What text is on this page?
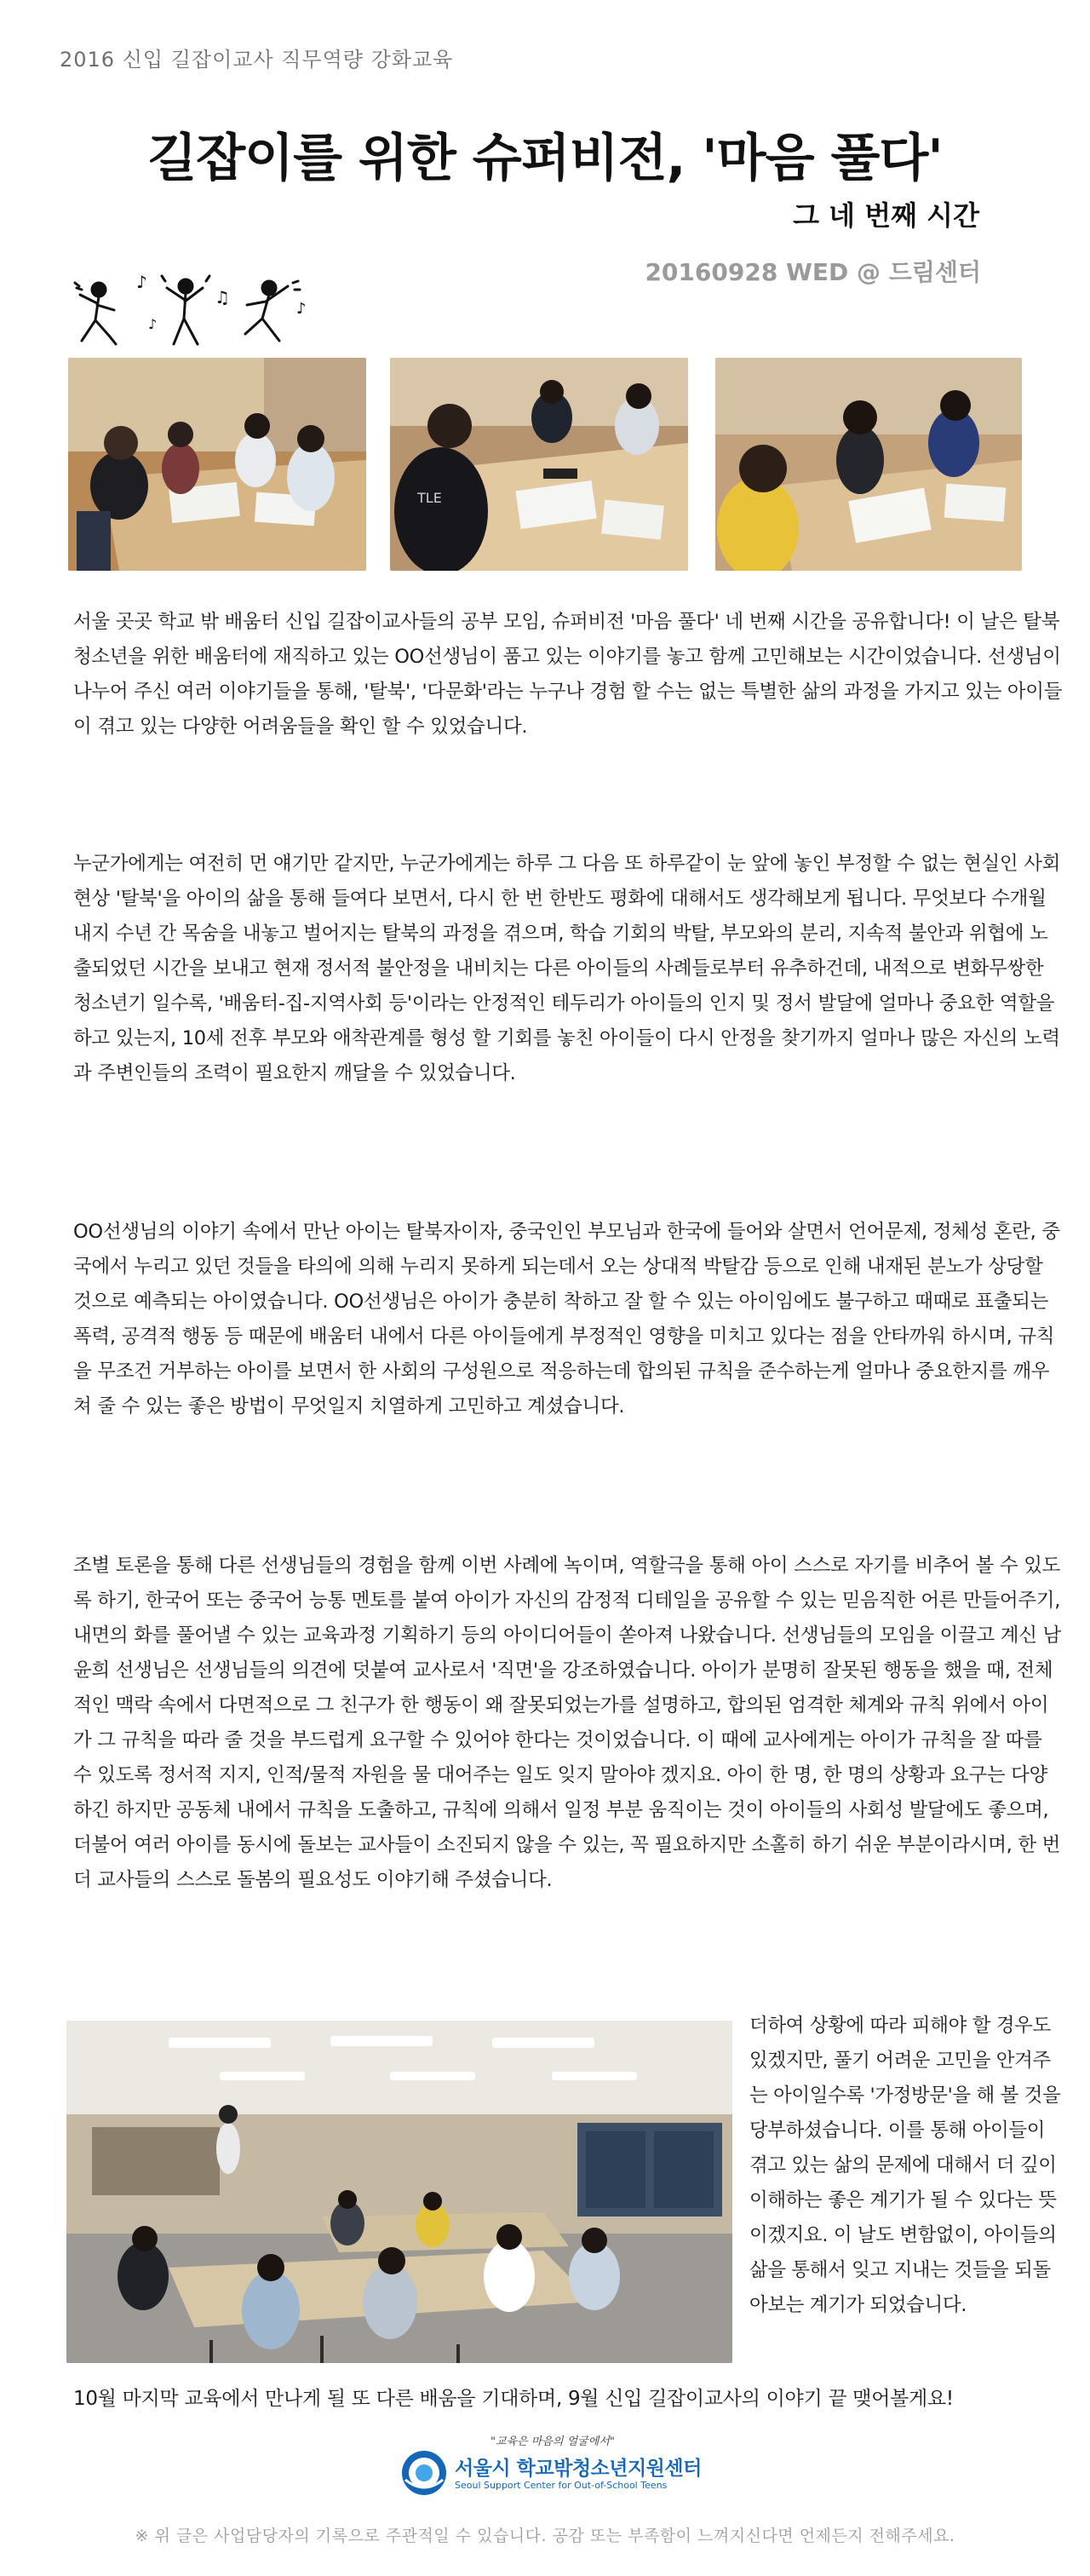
2016 신입 길잡이교사 직무역량 강화교육
길잡이를 위한 슈퍼비전, '마음 풀다'
그 네 번째 시간
20160928 WED @ 드림센터
♪
♫
♪
♪
TLE

서울 곳곳 학교 밖 배움터 신입 길잡이교사들의 공부 모임, 슈퍼비전 '마음 풀다' 네 번째 시간을 공유합니다! 이 날은 탈북 청소년을 위한 배움터에 재직하고 있는 OO선생님이 품고 있는 이야기를 놓고 함께 고민해보는 시간이었습니다. 선생님이 나누어 주신 여러 이야기들을 통해, '탈북', '다문화'라는 누구나 경험 할 수는 없는 특별한 삶의 과정을 가지고 있는 아이들이 겪고 있는 다양한 어려움들을 확인 할 수 있었습니다.

누군가에게는 여전히 먼 얘기만 같지만, 누군가에게는 하루 그 다음 또 하루같이 눈 앞에 놓인 부정할 수 없는 현실인 사회현상 '탈북'을 아이의 삶을 통해 들여다 보면서, 다시 한 번 한반도 평화에 대해서도 생각해보게 됩니다. 무엇보다 수개월 내지 수년 간 목숨을 내놓고 벌어지는 탈북의 과정을 겪으며, 학습 기회의 박탈, 부모와의 분리, 지속적 불안과 위협에 노출되었던 시간을 보내고 현재 정서적 불안정을 내비치는 다른 아이들의 사례들로부터 유추하건데, 내적으로 변화무쌍한 청소년기 일수록, '배움터-집-지역사회 등'이라는 안정적인 테두리가 아이들의 인지 및 정서 발달에 얼마나 중요한 역할을 하고 있는지, 10세 전후 부모와 애착관계를 형성 할 기회를 놓친 아이들이 다시 안정을 찾기까지 얼마나 많은 자신의 노력과 주변인들의 조력이 필요한지 깨달을 수 있었습니다.

OO선생님의 이야기 속에서 만난 아이는 탈북자이자, 중국인인 부모님과 한국에 들어와 살면서 언어문제, 정체성 혼란, 중국에서 누리고 있던 것들을 타의에 의해 누리지 못하게 되는데서 오는 상대적 박탈감 등으로 인해 내재된 분노가 상당할 것으로 예측되는 아이였습니다. OO선생님은 아이가 충분히 착하고 잘 할 수 있는 아이임에도 불구하고 때때로 표출되는 폭력, 공격적 행동 등 때문에 배움터 내에서 다른 아이들에게 부정적인 영향을 미치고 있다는 점을 안타까워 하시며, 규칙을 무조건 거부하는 아이를 보면서 한 사회의 구성원으로 적응하는데 합의된 규칙을 준수하는게 얼마나 중요한지를 깨우쳐 줄 수 있는 좋은 방법이 무엇일지 치열하게 고민하고 계셨습니다.

조별 토론을 통해 다른 선생님들의 경험을 함께 이번 사례에 녹이며, 역할극을 통해 아이 스스로 자기를 비추어 볼 수 있도록 하기, 한국어 또는 중국어 능통 멘토를 붙여 아이가 자신의 감정적 디테일을 공유할 수 있는 믿음직한 어른 만들어주기, 내면의 화를 풀어낼 수 있는 교육과정 기획하기 등의 아이디어들이 쏟아져 나왔습니다. 선생님들의 모임을 이끌고 계신 남윤희 선생님은 선생님들의 의견에 덧붙여 교사로서 '직면'을 강조하였습니다. 아이가 분명히 잘못된 행동을 했을 때, 전체적인 맥락 속에서 다면적으로 그 친구가 한 행동이 왜 잘못되었는가를 설명하고, 합의된 엄격한 체계와 규칙 위에서 아이가 그 규칙을 따라 줄 것을 부드럽게 요구할 수 있어야 한다는 것이었습니다. 이 때에 교사에게는 아이가 규칙을 잘 따를 수 있도록 정서적 지지, 인적/물적 자원을 물 대어주는 일도 잊지 말아야 겠지요. 아이 한 명, 한 명의 상황과 요구는 다양하긴 하지만 공동체 내에서 규칙을 도출하고, 규칙에 의해서 일정 부분 움직이는 것이 아이들의 사회성 발달에도 좋으며, 더불어 여러 아이를 동시에 돌보는 교사들이 소진되지 않을 수 있는, 꼭 필요하지만 소홀히 하기 쉬운 부분이라시며, 한 번 더 교사들의 스스로 돌봄의 필요성도 이야기해 주셨습니다.

더하여 상황에 따라 피해야 할 경우도 있겠지만, 풀기 어려운 고민을 안겨주는 아이일수록 '가정방문'을 해 볼 것을 당부하셨습니다. 이를 통해 아이들이 겪고 있는 삶의 문제에 대해서 더 깊이 이해하는 좋은 계기가 될 수 있다는 뜻 이겠지요. 이 날도 변함없이, 아이들의 삶을 통해서 잊고 지내는 것들을 되돌아보는 계기가 되었습니다.

10월 마지막 교육에서 만나게 될 또 다른 배움을 기대하며, 9월 신입 길잡이교사의 이야기 끝 맺어볼게요!

"교육은 마음의 얼굴에서"
서울시 학교밖청소년지원센터
Seoul Support Center for Out-of-School Teens
※ 위 글은 사업담당자의 기록으로 주관적일 수 있습니다. 공감 또는 부족함이 느껴지신다면 언제든지 전해주세요.
